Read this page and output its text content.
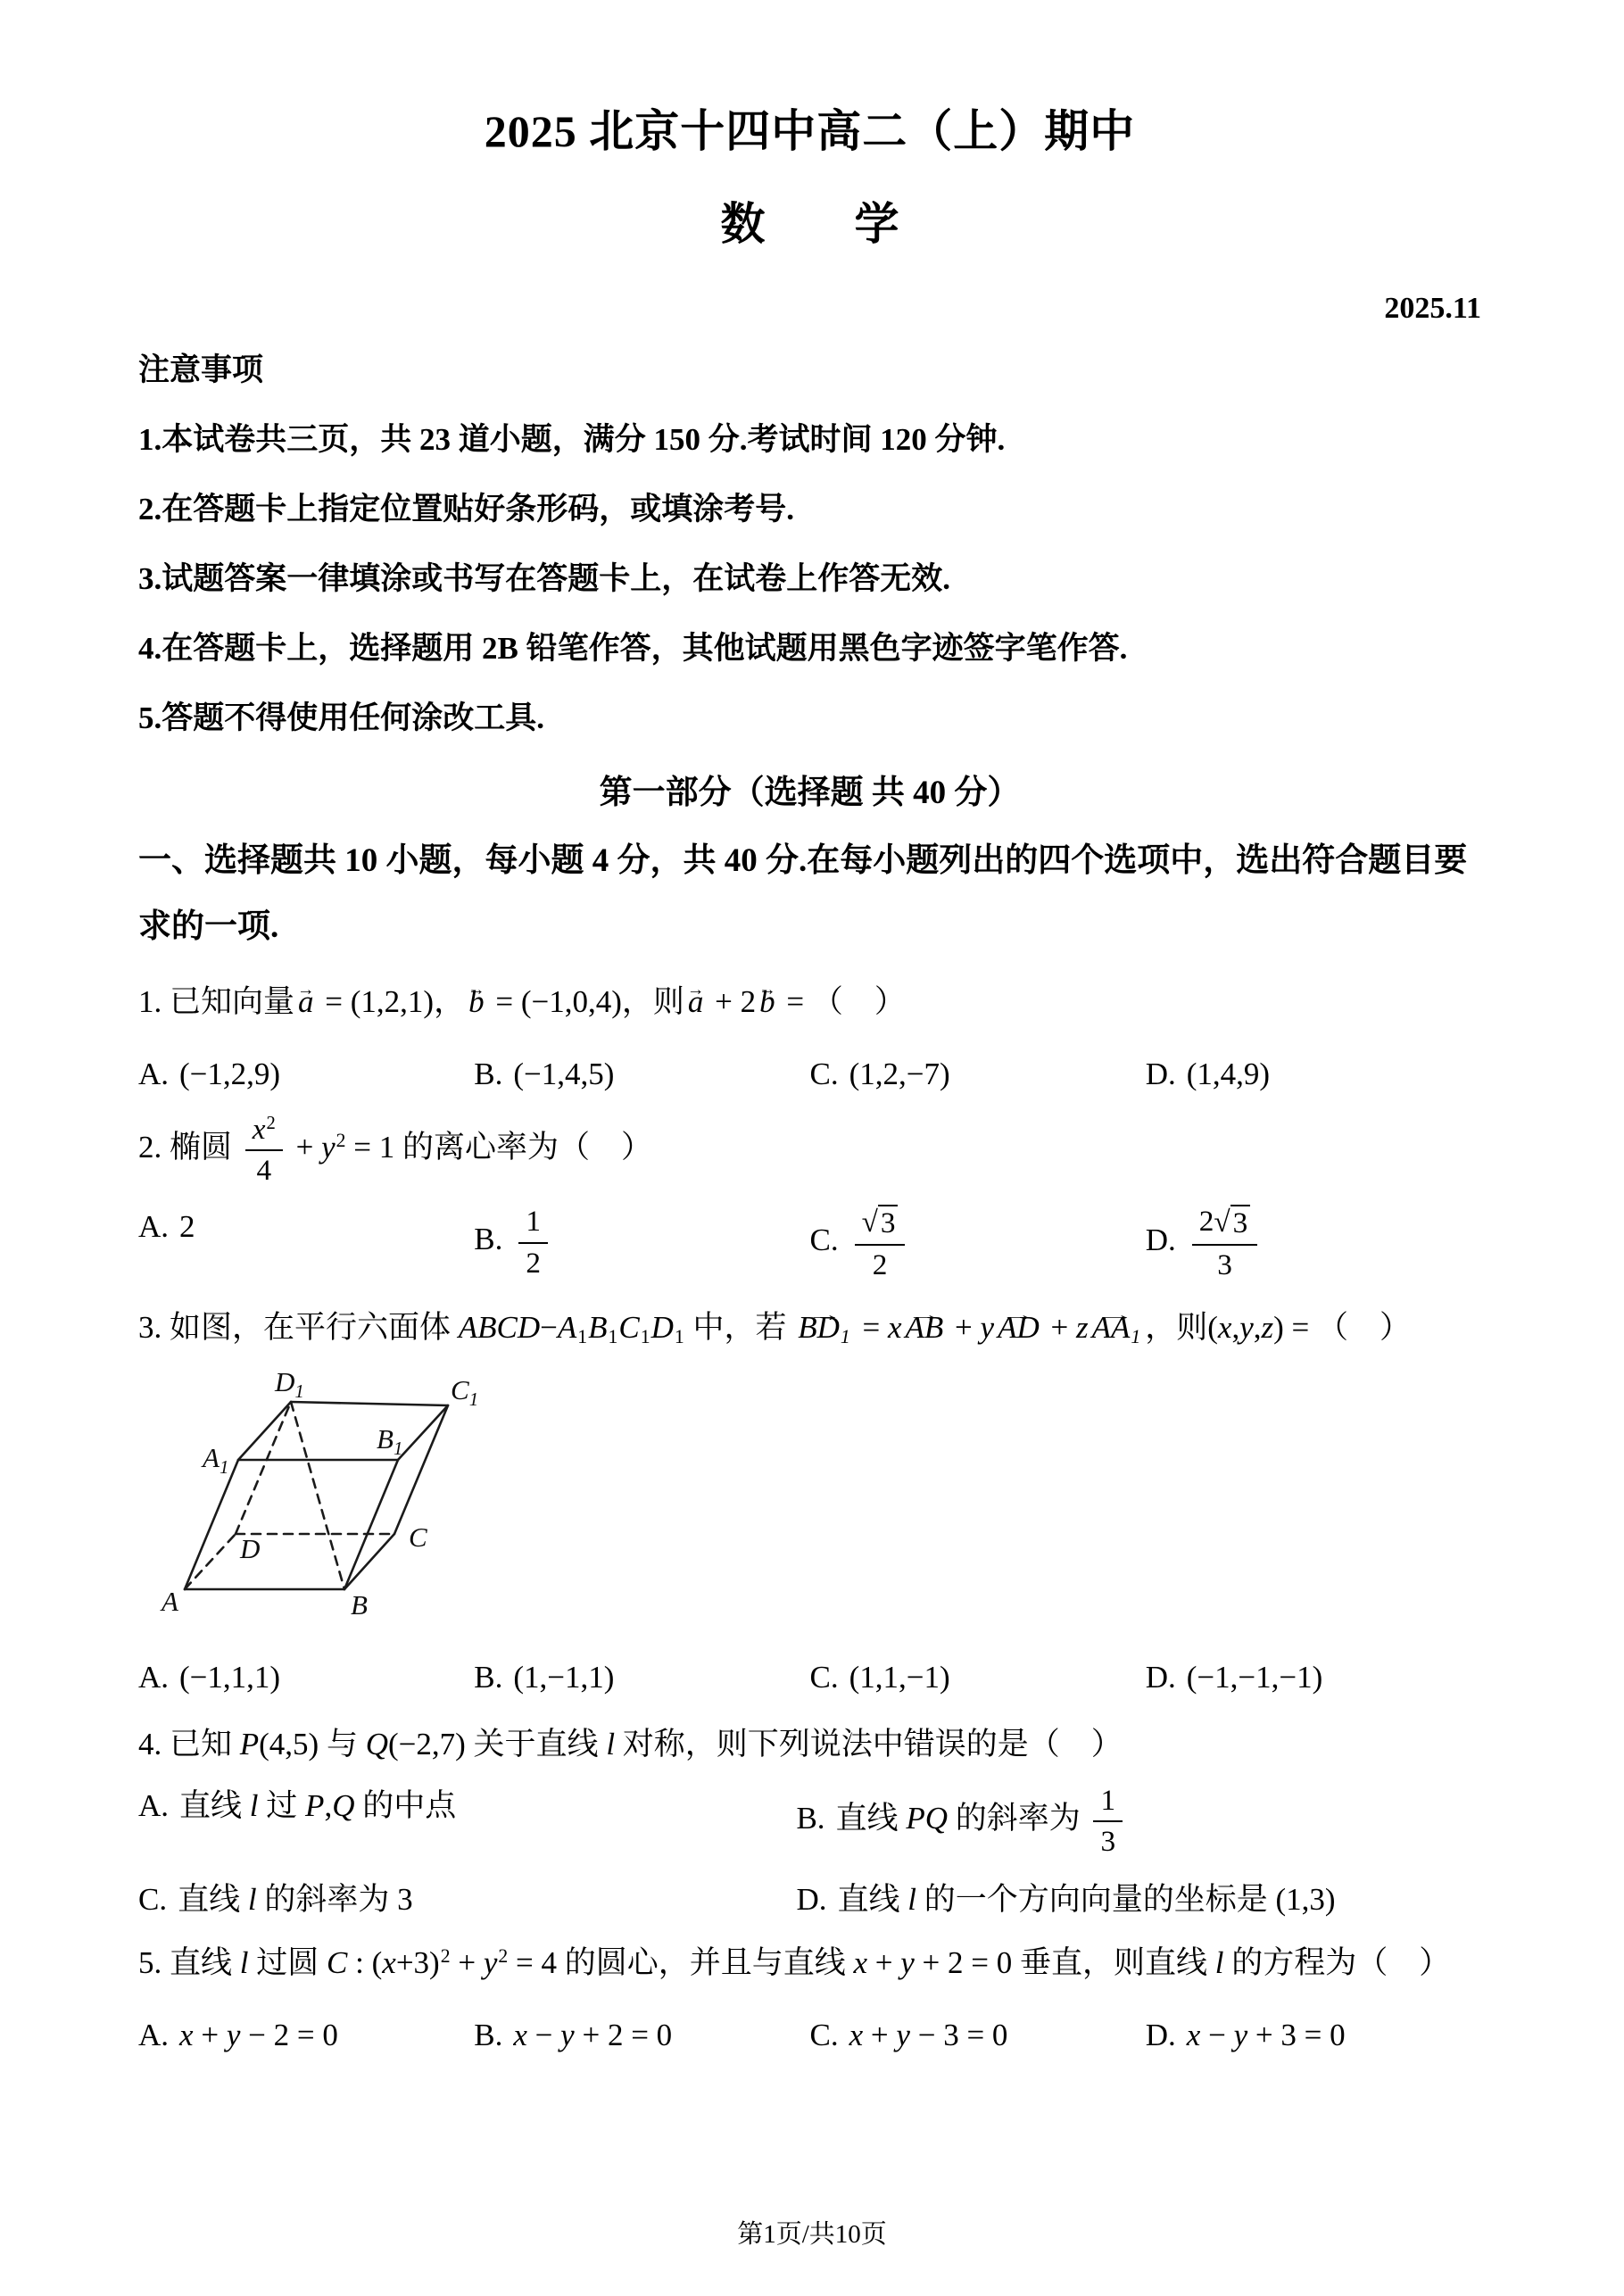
2025 北京十四中高二（上）期中
数　　学
2025.11
注意事项

1.本试卷共三页，共 23 道小题，满分 150 分.考试时间 120 分钟.

2.在答题卡上指定位置贴好条形码，或填涂考号.

3.试题答案一律填涂或书写在答题卡上，在试卷上作答无效.

4.在答题卡上，选择题用 2B 铅笔作答，其他试题用黑色字迹签字笔作答.

5.答题不得使用任何涂改工具.

第一部分（选择题 共 40 分）

一、选择题共 10 小题，每小题 4 分，共 40 分.在每小题列出的四个选项中，选出符合题目要求的一项.

1. 已知向量 → a = (1,2,1)， → b = (−1,0,4)，则 → a + 2 → b = （　）
A. (−1,2,9)	B. (−1,4,5)	C. (1,2,−7)	D. (1,4,9)
2. 椭圆 $\frac{x^2}{4} + y^2 = 1$ 的离心率为（　）
A. 2	B. $\frac{1}{2}$	C. $\frac{√ 3}{2}$	D. $\frac{2 √ 3}{3}$
3. 如图，在平行六面体 ABCD−A1B1C1D1 中，若 → BD1 = x → AB + y → AD + z → AA1 ，则(x,y,z) = （　）
A	B
C
D
$A_1$
$B_1$
$C_1$
$D_1$
A. (−1,1,1)	B. (1,−1,1)	C. (1,1,−1)	D. (−1,−1,−1)
4. 已知 P(4,5) 与 Q(−2,7) 关于直线 l 对称，则下列说法中错误的是（　）
A. 直线 l 过 P,Q 的中点	B. 直线 PQ 的斜率为 $\frac{1}{3}$
C. 直线 l 的斜率为 3	D. 直线 l 的一个方向向量的坐标是 (1,3)
5. 直线 l 过圆 C : $(x+3)^2 + y^2 = 4$ 的圆心，并且与直线 x + y + 2 = 0 垂直，则直线 l 的方程为（　）
A. x + y − 2 = 0	B. x − y + 2 = 0	C. x + y − 3 = 0	D. x − y + 3 = 0
第1页/共10页
